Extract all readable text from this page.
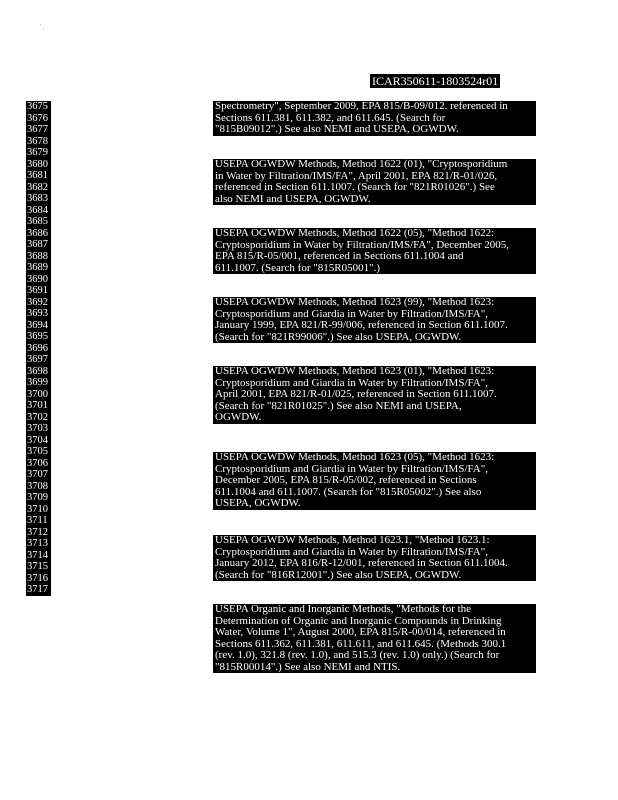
' ,
ICAR350611-1803524r01
3675
3676
3677
3678
3679
3680
3681
3682
3683
3684
3685
3686
3687
3688
3689
3690
3691
3692
3693
3694
3695
3696
3697
3698
3699
3700
3701
3702
3703
3704
3705
3706
3707
3708
3709
3710
3711
3712
3713
3714
3715
3716
3717
Spectrometry", September 2009, EPA 815/B-09/012. referenced in
Sections 611.381, 611.382, and 611.645. (Search for
"815B09012".) See also NEMI and USEPA, OGWDW.
USEPA OGWDW Methods, Method 1622 (01), "Cryptosporidium
in Water by Filtration/IMS/FA", April 2001, EPA 821/R-01/026,
referenced in Section 611.1007. (Search for "821R01026".) See
also NEMI and USEPA, OGWDW.
USEPA OGWDW Methods, Method 1622 (05), "Method 1622:
Cryptosporidium in Water by Filtration/IMS/FA", December 2005,
EPA 815/R-05/001, referenced in Sections 611.1004 and
611.1007. (Search for "815R05001".)
USEPA OGWDW Methods, Method 1623 (99), "Method 1623:
Cryptosporidium and Giardia in Water by Filtration/IMS/FA",
January 1999, EPA 821/R-99/006, referenced in Section 611.1007.
(Search for "821R99006".) See also USEPA, OGWDW.
USEPA OGWDW Methods, Method 1623 (01), "Method 1623:
Cryptosporidium and Giardia in Water by Filtration/IMS/FA",
April 2001, EPA 821/R-01/025, referenced in Section 611.1007.
(Search for "821R01025".) See also NEMI and USEPA,
OGWDW.
USEPA OGWDW Methods, Method 1623 (05), "Method 1623:
Cryptosporidium and Giardia in Water by Filtration/IMS/FA",
December 2005, EPA 815/R-05/002, referenced in Sections
611.1004 and 611.1007. (Search for "815R05002".) See also
USEPA, OGWDW.
USEPA OGWDW Methods, Method 1623.1, "Method 1623.1:
Cryptosporidium and Giardia in Water by Filtration/IMS/FA",
January 2012, EPA 816/R-12/001, referenced in Section 611.1004.
(Search for "816R12001".) See also USEPA, OGWDW.
USEPA Organic and Inorganic Methods, "Methods for the
Determination of Organic and Inorganic Compounds in Drinking
Water, Volume 1", August 2000, EPA 815/R-00/014, referenced in
Sections 611.362, 611.381, 611.611, and 611.645. (Methods 300.1
(rev. 1.0), 321.8 (rev. 1.0), and 515.3 (rev. 1.0) only.) (Search for
"815R00014".) See also NEMI and NTIS.
